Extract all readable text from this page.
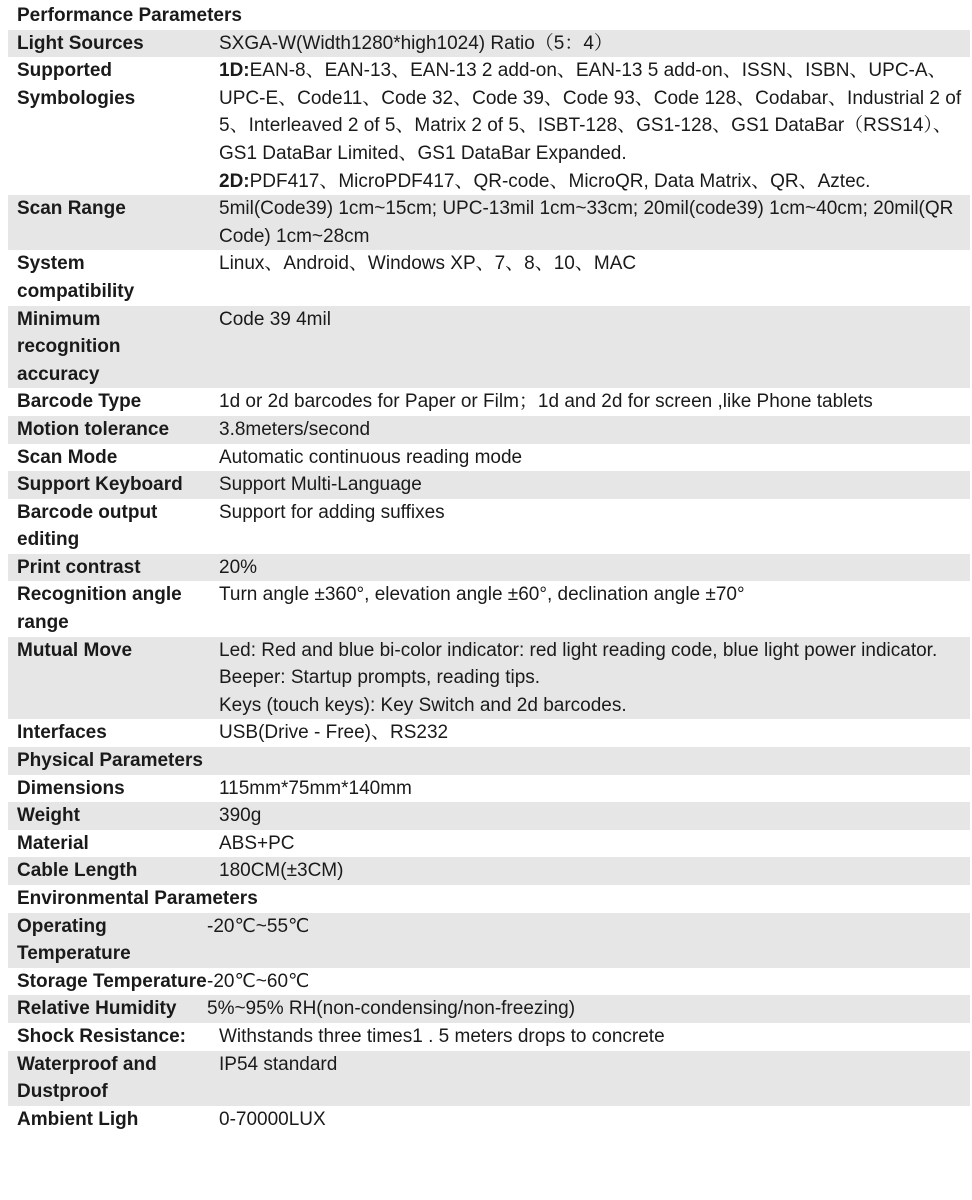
Performance Parameters	
Light Sources	SXGA-W(Width1280*high1024) Ratio（5：4）
Supported Symbologies	1D:EAN-8、EAN-13、EAN-13 2 add-on、EAN-13 5 add-on、ISSN、ISBN、UPC-A、UPC-E、Code11、Code 32、Code 39、Code 93、Code 128、Codabar、Industrial 2 of 5、Interleaved 2 of 5、Matrix 2 of 5、ISBT-128、GS1-128、GS1 DataBar（RSS14）、GS1 DataBar Limited、GS1 DataBar Expanded.
2D:PDF417、MicroPDF417、QR-code、MicroQR, Data Matrix、QR、Aztec.

Scan Range	5mil(Code39) 1cm~15cm; UPC-13mil 1cm~33cm; 20mil(code39) 1cm~40cm; 20mil(QR Code) 1cm~28cm
System compatibility	Linux、Android、Windows XP、7、8、10、MAC
Minimum recognition accuracy	Code 39 4mil
Barcode Type	1d or 2d barcodes for Paper or Film；1d and 2d for screen ,like Phone tablets
Motion tolerance	3.8meters/second
Scan Mode	Automatic continuous reading mode
Support Keyboard	Support Multi-Language
Barcode output editing	Support for adding suffixes
Print contrast	20%
Recognition angle range	Turn angle ±360°, elevation angle ±60°, declination angle ±70°
Mutual Move	Led: Red and blue bi-color indicator: red light reading code, blue light power indicator.
Beeper: Startup prompts, reading tips.
Keys (touch keys): Key Switch and 2d barcodes.

Interfaces	USB(Drive - Free)、RS232
Physical Parameters	
Dimensions	115mm*75mm*140mm
Weight	390g
Material	ABS+PC
Cable Length	180CM(±3CM)
Environmental Parameters	
Operating Temperature	-20℃~55℃
Storage Temperature	-20℃~60℃
Relative Humidity	5%~95% RH(non-condensing/non-freezing)
Shock Resistance:	Withstands three times1 . 5 meters drops to concrete
Waterproof and Dustproof	IP54 standard
Ambient Ligh	0-70000LUX
